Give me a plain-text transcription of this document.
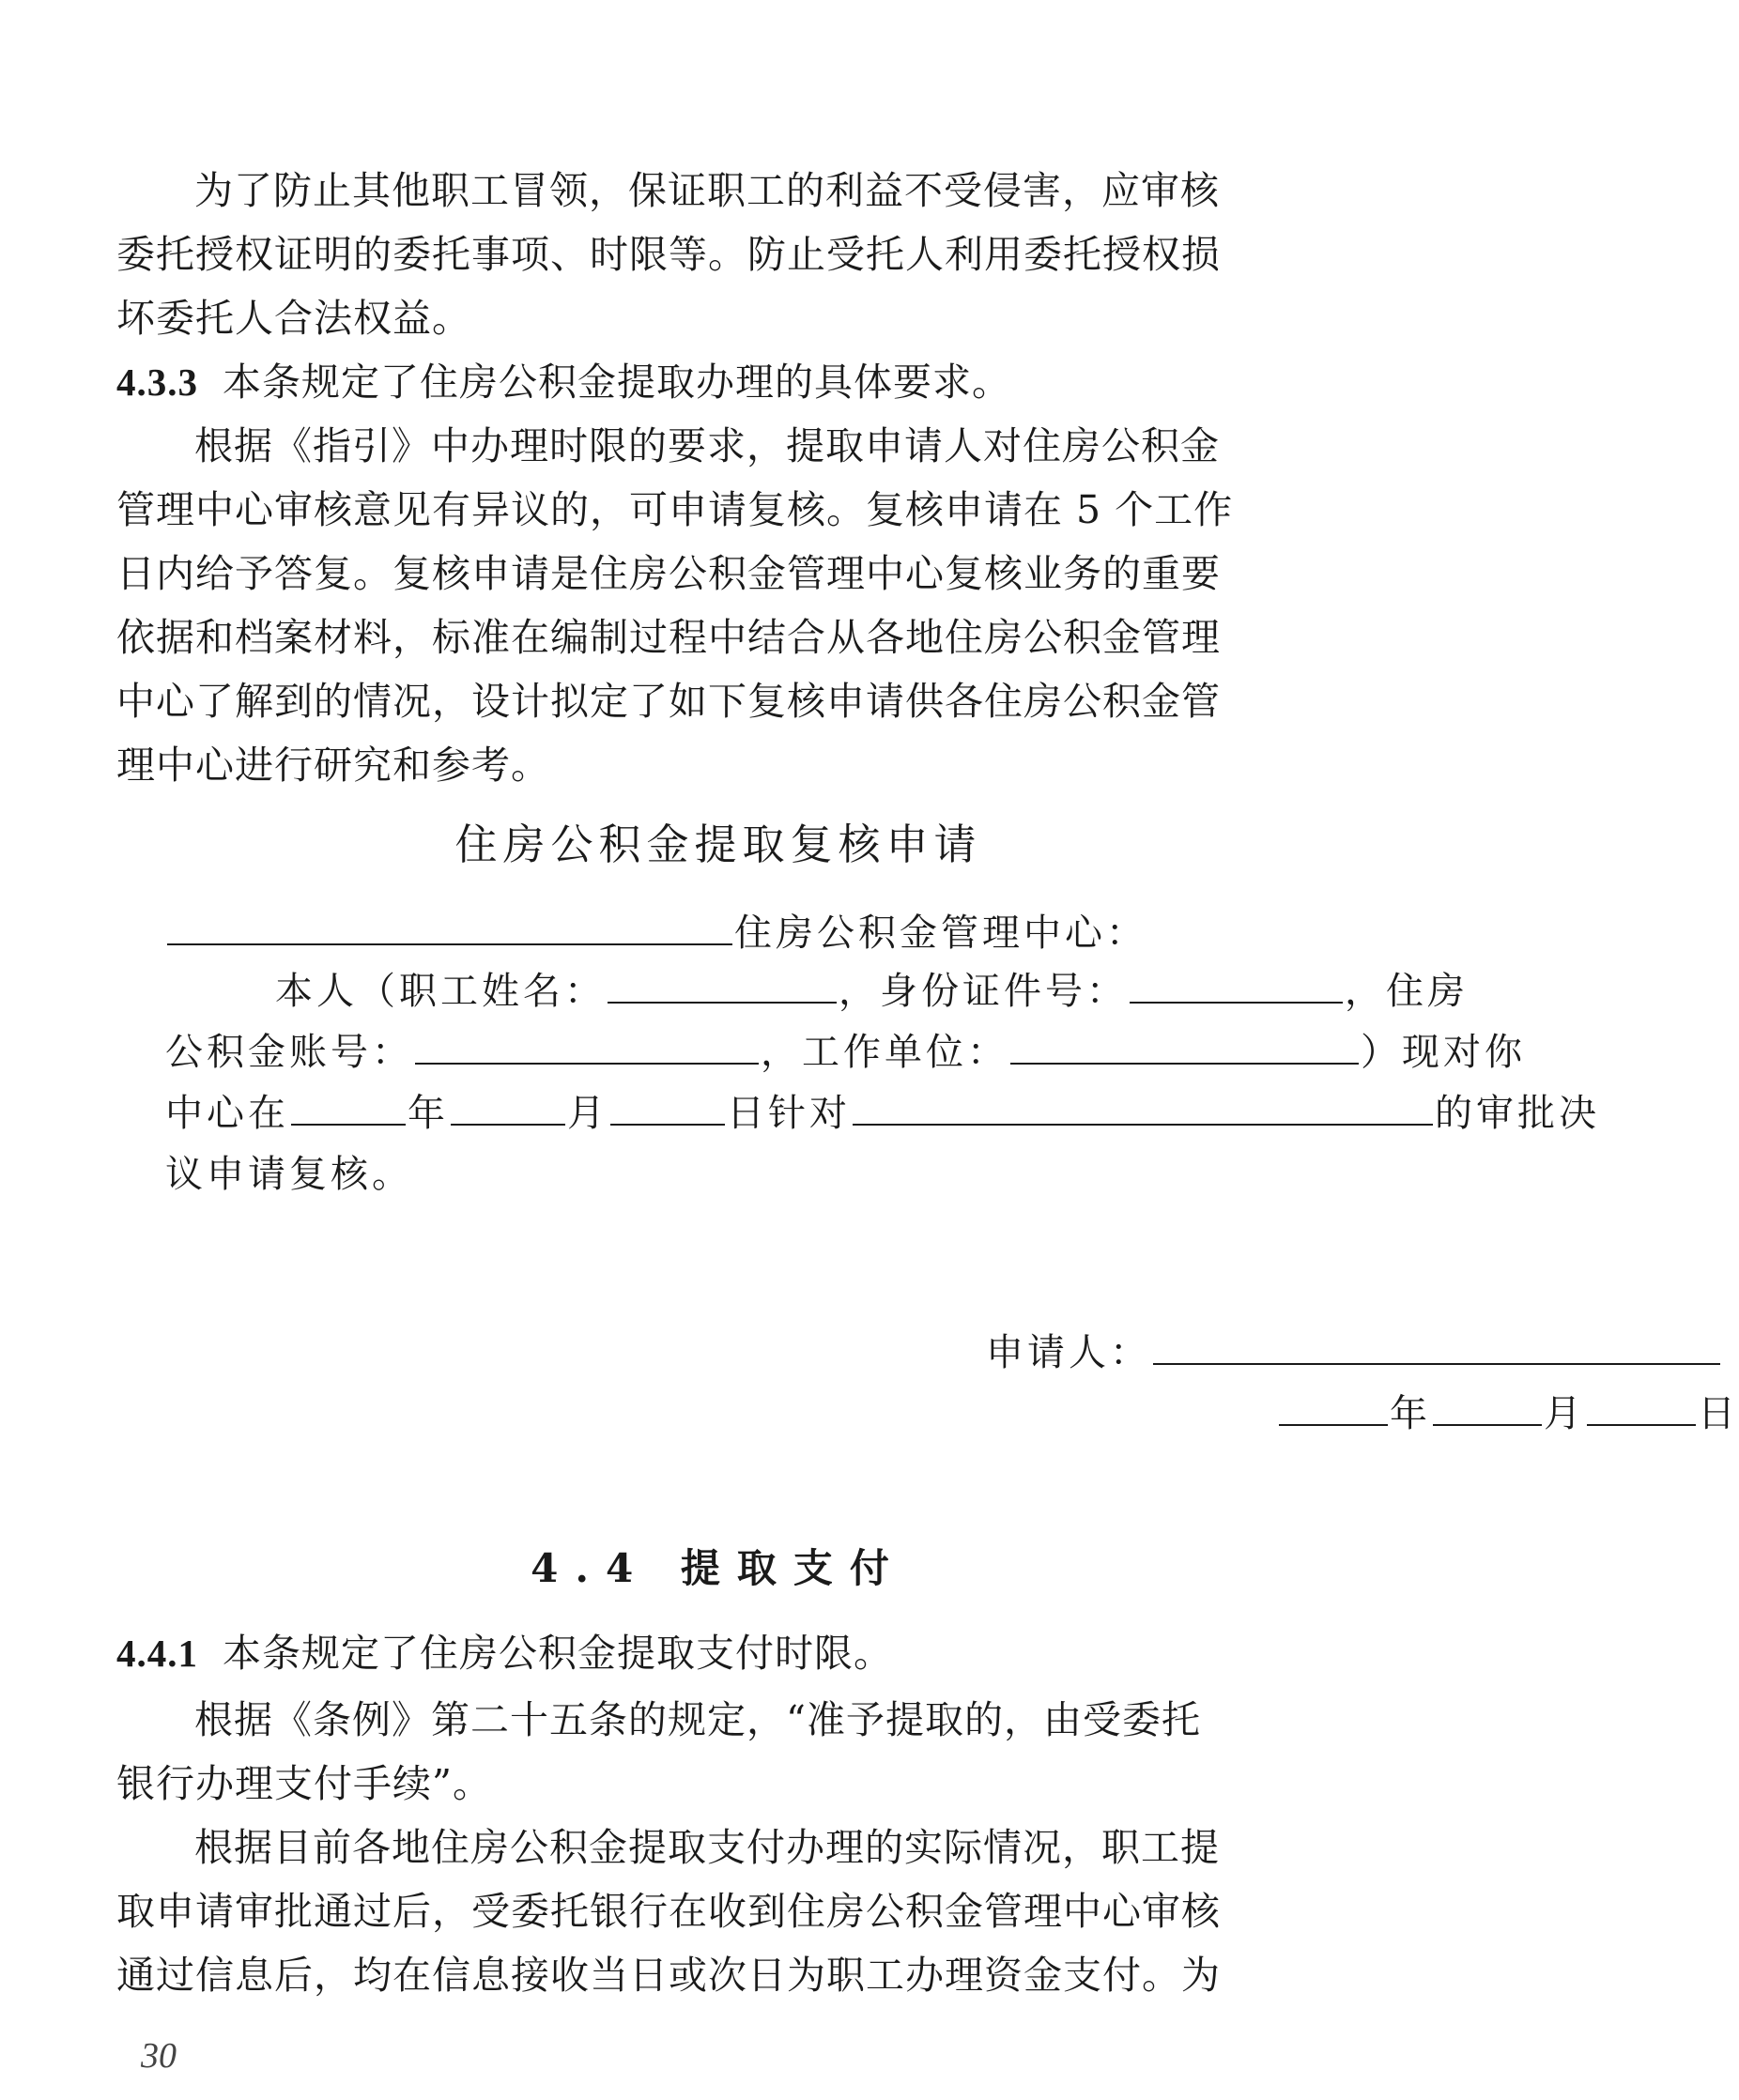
为了防止其他职工冒领，保证职工的利益不受侵害，应审核
委托授权证明的委托事项、时限等。防止受托人利用委托授权损
坏委托人合法权益。
4.3.3 本条规定了住房公积金提取办理的具体要求。
根据《指引》中办理时限的要求，提取申请人对住房公积金
管理中心审核意见有异议的，可申请复核。复核申请在 5 个工作
日内给予答复。复核申请是住房公积金管理中心复核业务的重要
依据和档案材料，标准在编制过程中结合从各地住房公积金管理
中心了解到的情况，设计拟定了如下复核申请供各住房公积金管
理中心进行研究和参考。
住房公积金提取复核申请
住房公积金管理中心：
本人（职工姓名：	，身份证件号：	，住房
公积金账号：	，工作单位：	）现对你
中心在	年	月	日针对	的审批决
议申请复核。
申请人：
年	月	日
4.4 提取支付
4.4.1 本条规定了住房公积金提取支付时限。
根据《条例》第二十五条的规定，“准予提取的，由受委托
银行办理支付手续”。
根据目前各地住房公积金提取支付办理的实际情况，职工提
取申请审批通过后，受委托银行在收到住房公积金管理中心审核
通过信息后，均在信息接收当日或次日为职工办理资金支付。为
30
